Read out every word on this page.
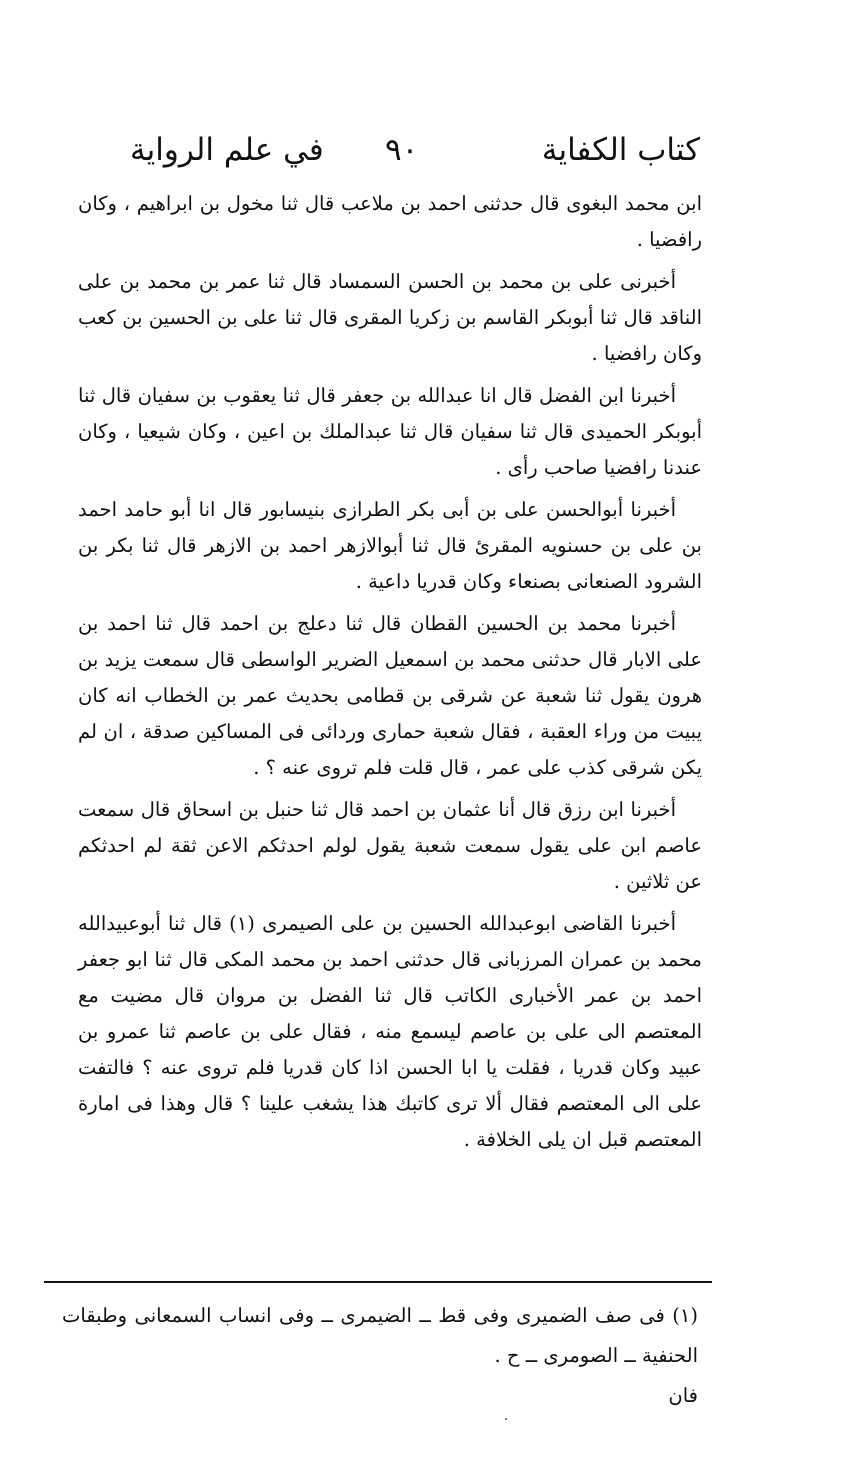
كتاب الكفاية
٩٠
في علم الرواية

ابن محمد البغوى قال حدثنى احمد بن ملاعب قال ثنا مخول بن ابراهيم ، وكان رافضيا .

أخبرنى على بن محمد بن الحسن السمساد قال ثنا عمر بن محمد بن على الناقد قال ثنا أبوبكر القاسم بن زكريا المقرى قال ثنا على بن الحسين بن كعب وكان رافضيا .

أخبرنا ابن الفضل قال انا عبدالله بن جعفر قال ثنا يعقوب بن سفيان قال ثنا أبوبكر الحميدى قال ثنا سفيان قال ثنا عبدالملك بن اعين ، وكان شيعيا ، وكان عندنا رافضيا صاحب رأى .

أخبرنا أبوالحسن على بن أبى بكر الطرازى بنيسابور قال انا أبو حامد احمد بن على بن حسنويه المقرئ قال ثنا أبوالازهر احمد بن الازهر قال ثنا بكر بن الشرود الصنعانى بصنعاء وكان قدريا داعية .

أخبرنا محمد بن الحسين القطان قال ثنا دعلج بن احمد قال ثنا احمد بن على الابار قال حدثنى محمد بن اسمعيل الضرير الواسطى قال سمعت يزيد بن هرون يقول ثنا شعبة عن شرقى بن قطامى بحديث عمر بن الخطاب انه كان يبيت من وراء العقبة ، فقال شعبة حمارى وردائى فى المساكين صدقة ، ان لم يكن شرقى كذب على عمر ، قال قلت فلم تروى عنه ؟ .

أخبرنا ابن رزق قال أنا عثمان بن احمد قال ثنا حنبل بن اسحاق قال سمعت عاصم ابن على يقول سمعت شعبة يقول لولم احدثكم الاعن ثقة لم احدثكم عن ثلاثين .

أخبرنا القاضى ابوعبدالله الحسين بن على الصيمرى (١) قال ثنا أبوعبيدالله محمد بن عمران المرزبانى قال حدثنى احمد بن محمد المكى قال ثنا ابو جعفر احمد بن عمر الأخبارى الكاتب قال ثنا الفضل بن مروان قال مضيت مع المعتصم الى على بن عاصم ليسمع منه ، فقال على بن عاصم ثنا عمرو بن عبيد وكان قدريا ، فقلت يا ابا الحسن اذا كان قدريا فلم تروى عنه ؟ فالتفت على الى المعتصم فقال ألا ترى كاتبك هذا يشغب علينا ؟ قال وهذا فى امارة المعتصم قبل ان يلى الخلافة .

(١) فى صف الضميرى وفى قط ــ الضيمرى ــ وفى انساب السمعانى وطبقات الحنفية ــ الصومرى ــ ح .

فان
